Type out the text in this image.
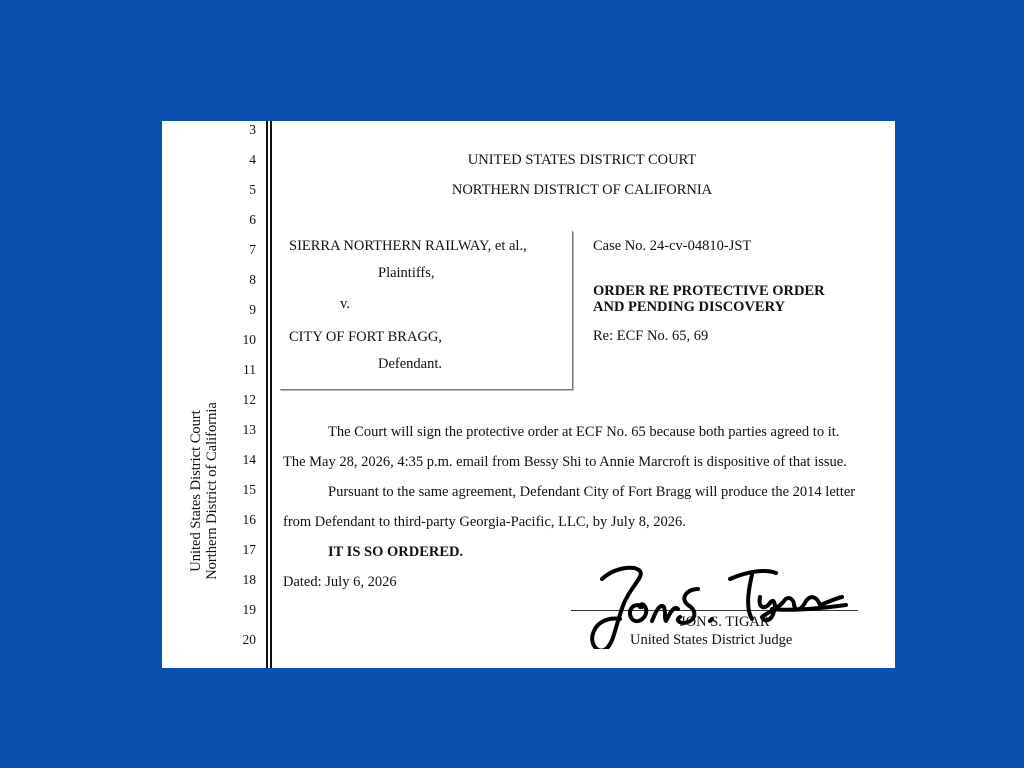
United States District Court Northern District of California
3
4
5
6
7
8
9
10
11
12
13
14
15
16
17
18
19
20
UNITED STATES DISTRICT COURT
NORTHERN DISTRICT OF CALIFORNIA
SIERRA NORTHERN RAILWAY, et al.,
Plaintiffs,
v.
CITY OF FORT BRAGG,
Defendant.
Case No. 24-cv-04810-JST
ORDER RE PROTECTIVE ORDER
AND PENDING DISCOVERY
Re: ECF No. 65, 69
The Court will sign the protective order at ECF No. 65 because both parties agreed to it.
The May 28, 2026, 4:35 p.m. email from Bessy Shi to Annie Marcroft is dispositive of that issue.
Pursuant to the same agreement, Defendant City of Fort Bragg will produce the 2014 letter
from Defendant to third-party Georgia-Pacific, LLC, by July 8, 2026.
IT IS SO ORDERED.
Dated: July 6, 2026
JON S. TIGAR
United States District Judge
